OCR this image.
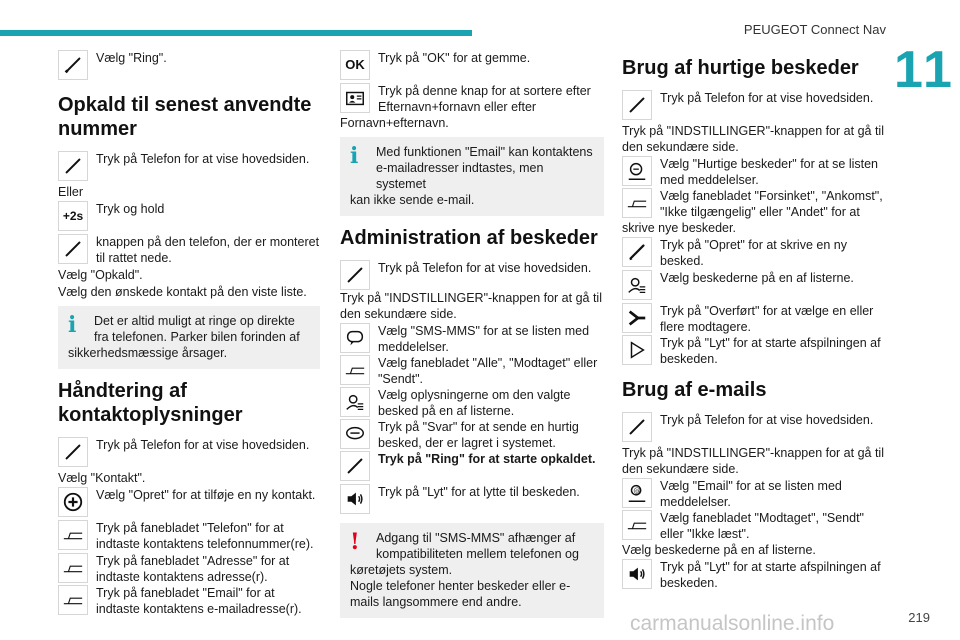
PEUGEOT Connect Nav
11
Vælg "Ring".
Opkald til senest anvendte nummer
Tryk på Telefon for at vise hovedsiden.
Eller
+2s Tryk og hold
knappen på den telefon, der er monteret til rattet nede.
Vælg "Opkald".
Vælg den ønskede kontakt på den viste liste.
i	Det er altid muligt at ringe op direkte fra telefonen. Parker bilen forinden af
sikkerhedsmæssige årsager.
Håndtering af kontaktoplysninger
Tryk på Telefon for at vise hovedsiden.
Vælg "Kontakt".
Vælg "Opret" for at tilføje en ny kontakt.
Tryk på fanebladet "Telefon" for at indtaste kontaktens telefonnummer(re).
Tryk på fanebladet "Adresse" for at indtaste kontaktens adresse(r).
Tryk på fanebladet "Email" for at indtaste kontaktens e-mailadresse(r).
OK Tryk på "OK" for at gemme.
Tryk på denne knap for at sortere efter Efternavn+fornavn eller efter
Fornavn+efternavn.
i	Med funktionen "Email" kan kontaktens e-mailadresser indtastes, men systemet
kan ikke sende e-mail.
Administration af beskeder
Tryk på Telefon for at vise hovedsiden.
Tryk på "INDSTILLINGER"-knappen for at gå til den sekundære side.
Vælg "SMS-MMS" for at se listen med meddelelser.
Vælg fanebladet "Alle", "Modtaget" eller "Sendt".
Vælg oplysningerne om den valgte besked på en af listerne.
Tryk på "Svar" for at sende en hurtig besked, der er lagret i systemet.
Tryk på "Ring" for at starte opkaldet.
Tryk på "Lyt" for at lytte til beskeden.
!	Adgang til "SMS-MMS" afhænger af kompatibiliteten mellem telefonen og
køretøjets system.
Nogle telefoner henter beskeder eller e-mails langsommere end andre.
Brug af hurtige beskeder
Tryk på Telefon for at vise hovedsiden.
Tryk på "INDSTILLINGER"-knappen for at gå til den sekundære side.
Vælg "Hurtige beskeder" for at se listen med meddelelser.
Vælg fanebladet "Forsinket", "Ankomst", "Ikke tilgængelig" eller "Andet" for at
skrive nye beskeder.
Tryk på "Opret" for at skrive en ny besked.
Vælg beskederne på en af listerne.
Tryk på "Overført" for at vælge en eller flere modtagere.
Tryk på "Lyt" for at starte afspilningen af beskeden.
Brug af e-mails
Tryk på Telefon for at vise hovedsiden.
Tryk på "INDSTILLINGER"-knappen for at gå til den sekundære side.
@ Vælg "Email" for at se listen med meddelelser.
Vælg fanebladet "Modtaget", "Sendt" eller "Ikke læst".
Vælg beskederne på en af listerne.
Tryk på "Lyt" for at starte afspilningen af beskeden.
carmanualsonline.info	219
